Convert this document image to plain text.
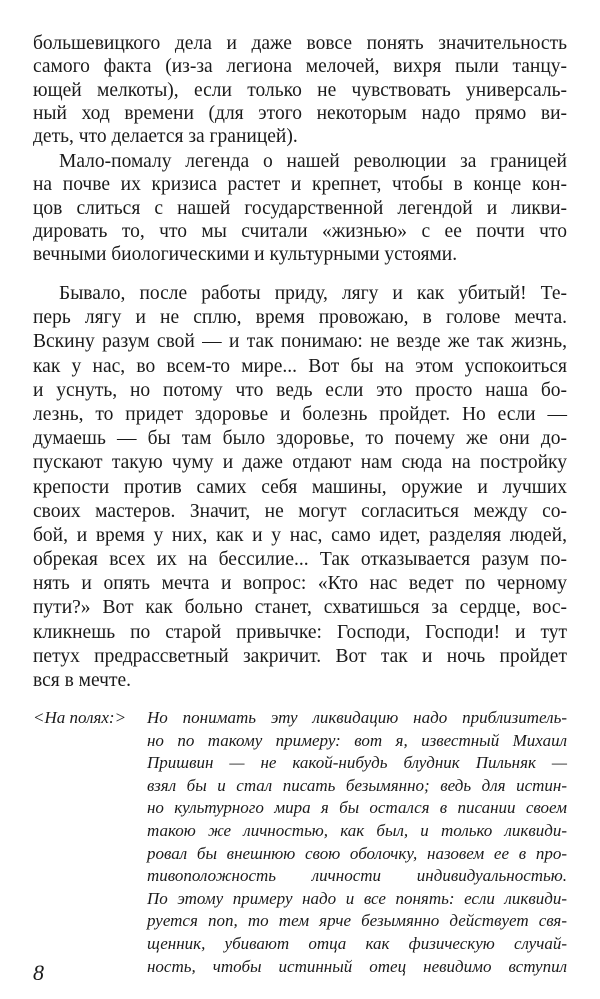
большевицкого дела и даже вовсе понять значительность
самого факта (из-за легиона мелочей, вихря пыли танцу-
ющей мелкоты), если только не чувствовать универсаль-
ный ход времени (для этого некоторым надо прямо ви-
деть, что делается за границей).
Мало-помалу легенда о нашей революции за границей
на почве их кризиса растет и крепнет, чтобы в конце кон-
цов слиться с нашей государственной легендой и ликви-
дировать то, что мы считали «жизнью» с ее почти что
вечными биологическими и культурными устоями.
Бывало, после работы приду, лягу и как убитый! Те-
перь лягу и не сплю, время провожаю, в голове мечта.
Вскину разум свой — и так понимаю: не везде же так жизнь,
как у нас, во всем-то мире... Вот бы на этом успокоиться
и уснуть, но потому что ведь если это просто наша бо-
лезнь, то придет здоровье и болезнь пройдет. Но если —
думаешь — бы там было здоровье, то почему же они до-
пускают такую чуму и даже отдают нам сюда на постройку
крепости против самих себя машины, оружие и лучших
своих мастеров. Значит, не могут согласиться между со-
бой, и время у них, как и у нас, само идет, разделяя людей,
обрекая всех их на бессилие... Так отказывается разум по-
нять и опять мечта и вопрос: «Кто нас ведет по черному
пути?» Вот как больно станет, схватишься за сердце, вос-
кликнешь по старой привычке: Господи, Господи! и тут
петух предрассветный закричит. Вот так и ночь пройдет
вся в мечте.
<На полях:> Но понимать эту ликвидацию надо приблизитель-
но по такому примеру: вот я, известный Михаил
Пришвин — не какой-нибудь блудник Пильняк —
взял бы и стал писать безымянно; ведь для истин-
но культурного мира я бы остался в писании своем
такою же личностью, как был, и только ликвиди-
ровал бы внешнюю свою оболочку, назовем ее в про-
тивоположность личности индивидуальностью.
По этому примеру надо и все понять: если ликвиди-
руется поп, то тем ярче безымянно действует свя-
щенник, убивают отца как физическую случай-
ность, чтобы истинный отец невидимо вступил
8
